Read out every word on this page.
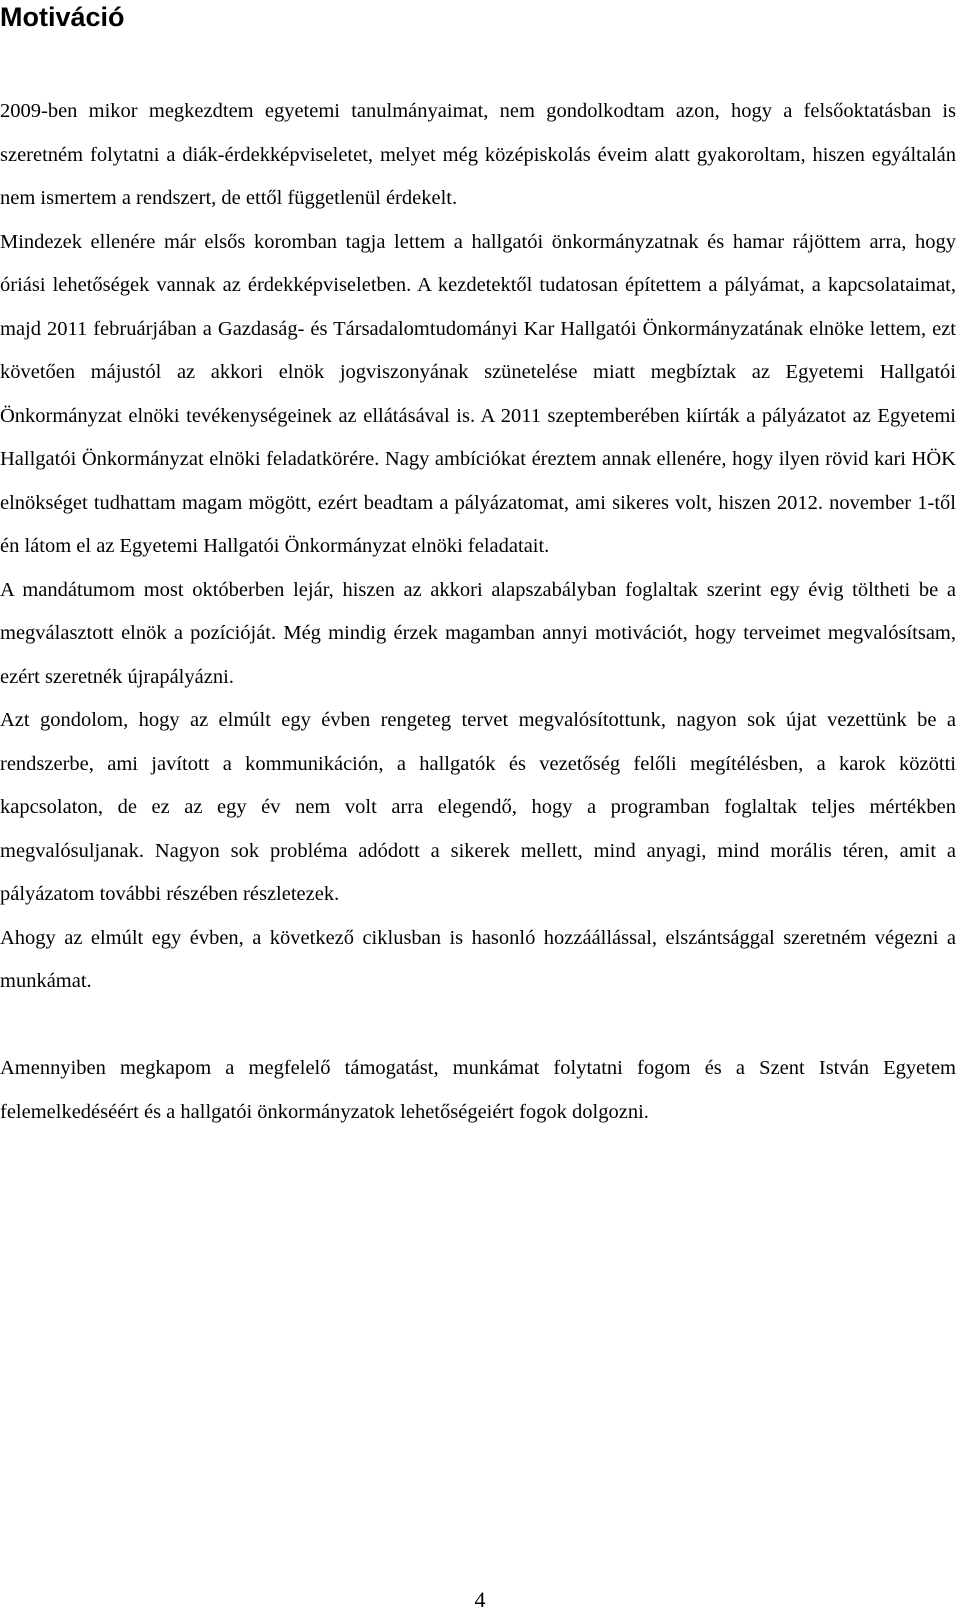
Motiváció

2009-ben mikor megkezdtem egyetemi tanulmányaimat, nem gondolkodtam azon, hogy a felsőoktatásban is szeretném folytatni a diák-érdekképviseletet, melyet még középiskolás éveim alatt gyakoroltam, hiszen egyáltalán nem ismertem a rendszert, de ettől függetlenül érdekelt.

Mindezek ellenére már elsős koromban tagja lettem a hallgatói önkormányzatnak és hamar rájöttem arra, hogy óriási lehetőségek vannak az érdekképviseletben. A kezdetektől tudatosan építettem a pályámat, a kapcsolataimat, majd 2011 februárjában a Gazdaság- és Társadalomtudományi Kar Hallgatói Önkormányzatának elnöke lettem, ezt követően májustól az akkori elnök jogviszonyának szünetelése miatt megbíztak az Egyetemi Hallgatói Önkormányzat elnöki tevékenységeinek az ellátásával is. A 2011 szeptemberében kiírták a pályázatot az Egyetemi Hallgatói Önkormányzat elnöki feladatkörére. Nagy ambíciókat éreztem annak ellenére, hogy ilyen rövid kari HÖK elnökséget tudhattam magam mögött, ezért beadtam a pályázatomat, ami sikeres volt, hiszen 2012. november 1-től én látom el az Egyetemi Hallgatói Önkormányzat elnöki feladatait.

A mandátumom most októberben lejár, hiszen az akkori alapszabályban foglaltak szerint egy évig töltheti be a megválasztott elnök a pozícióját. Még mindig érzek magamban annyi motivációt, hogy terveimet megvalósítsam, ezért szeretnék újrapályázni.

Azt gondolom, hogy az elmúlt egy évben rengeteg tervet megvalósítottunk, nagyon sok újat vezettünk be a rendszerbe, ami javított a kommunikáción, a hallgatók és vezetőség felőli megítélésben, a karok közötti kapcsolaton, de ez az egy év nem volt arra elegendő, hogy a programban foglaltak teljes mértékben megvalósuljanak. Nagyon sok probléma adódott a sikerek mellett, mind anyagi, mind morális téren, amit a pályázatom további részében részletezek.

Ahogy az elmúlt egy évben, a következő ciklusban is hasonló hozzáállással, elszántsággal szeretném végezni a munkámat.

Amennyiben megkapom a megfelelő támogatást, munkámat folytatni fogom és a Szent István Egyetem felemelkedéséért és a hallgatói önkormányzatok lehetőségeiért fogok dolgozni.

4
